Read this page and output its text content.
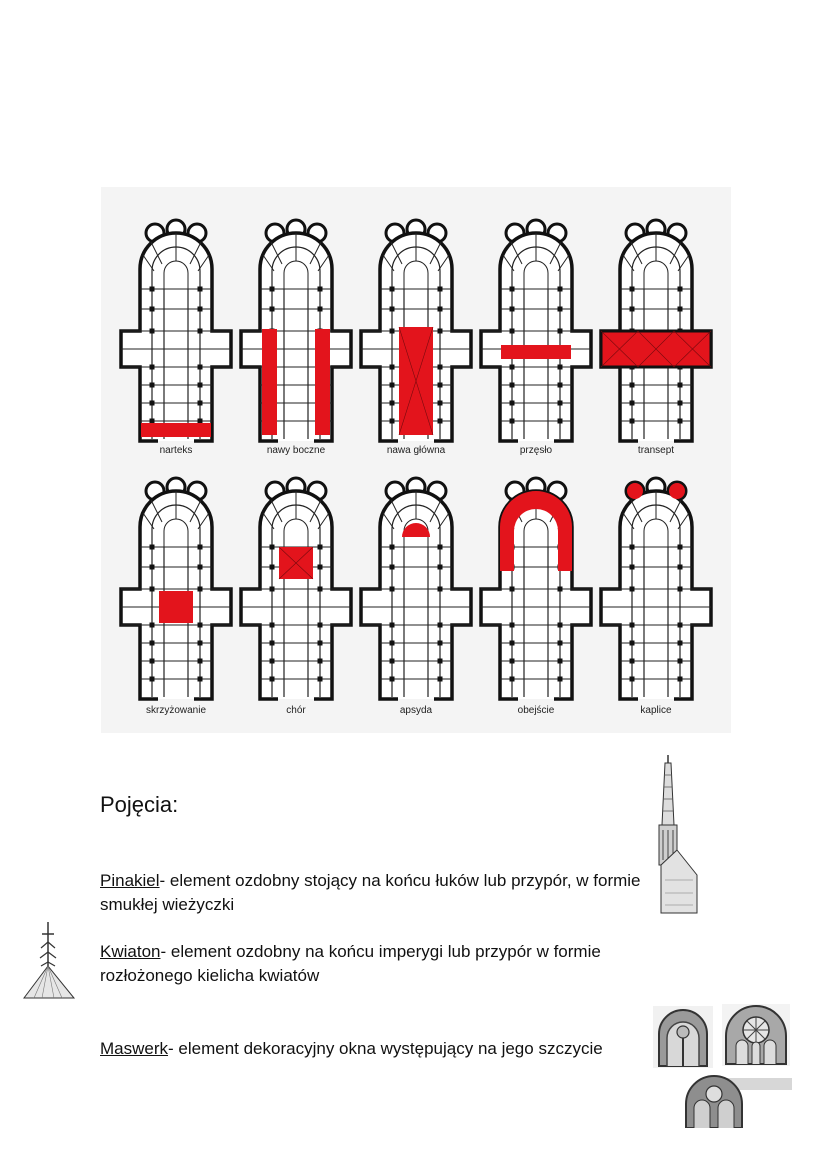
narteks	nawy boczne	nawa główna	przęsło	transept
skrzyżowanie	chór	apsyda	obejście	kaplice
Pojęcia:
Pinakiel- element ozdobny stojący na końcu łuków lub przypór, w formie smukłej wieżyczki
Kwiaton- element ozdobny na końcu imperygi lub przypór w formie rozłożonego kielicha kwiatów
Maswerk- element dekoracyjny okna występujący na jego szczycie
